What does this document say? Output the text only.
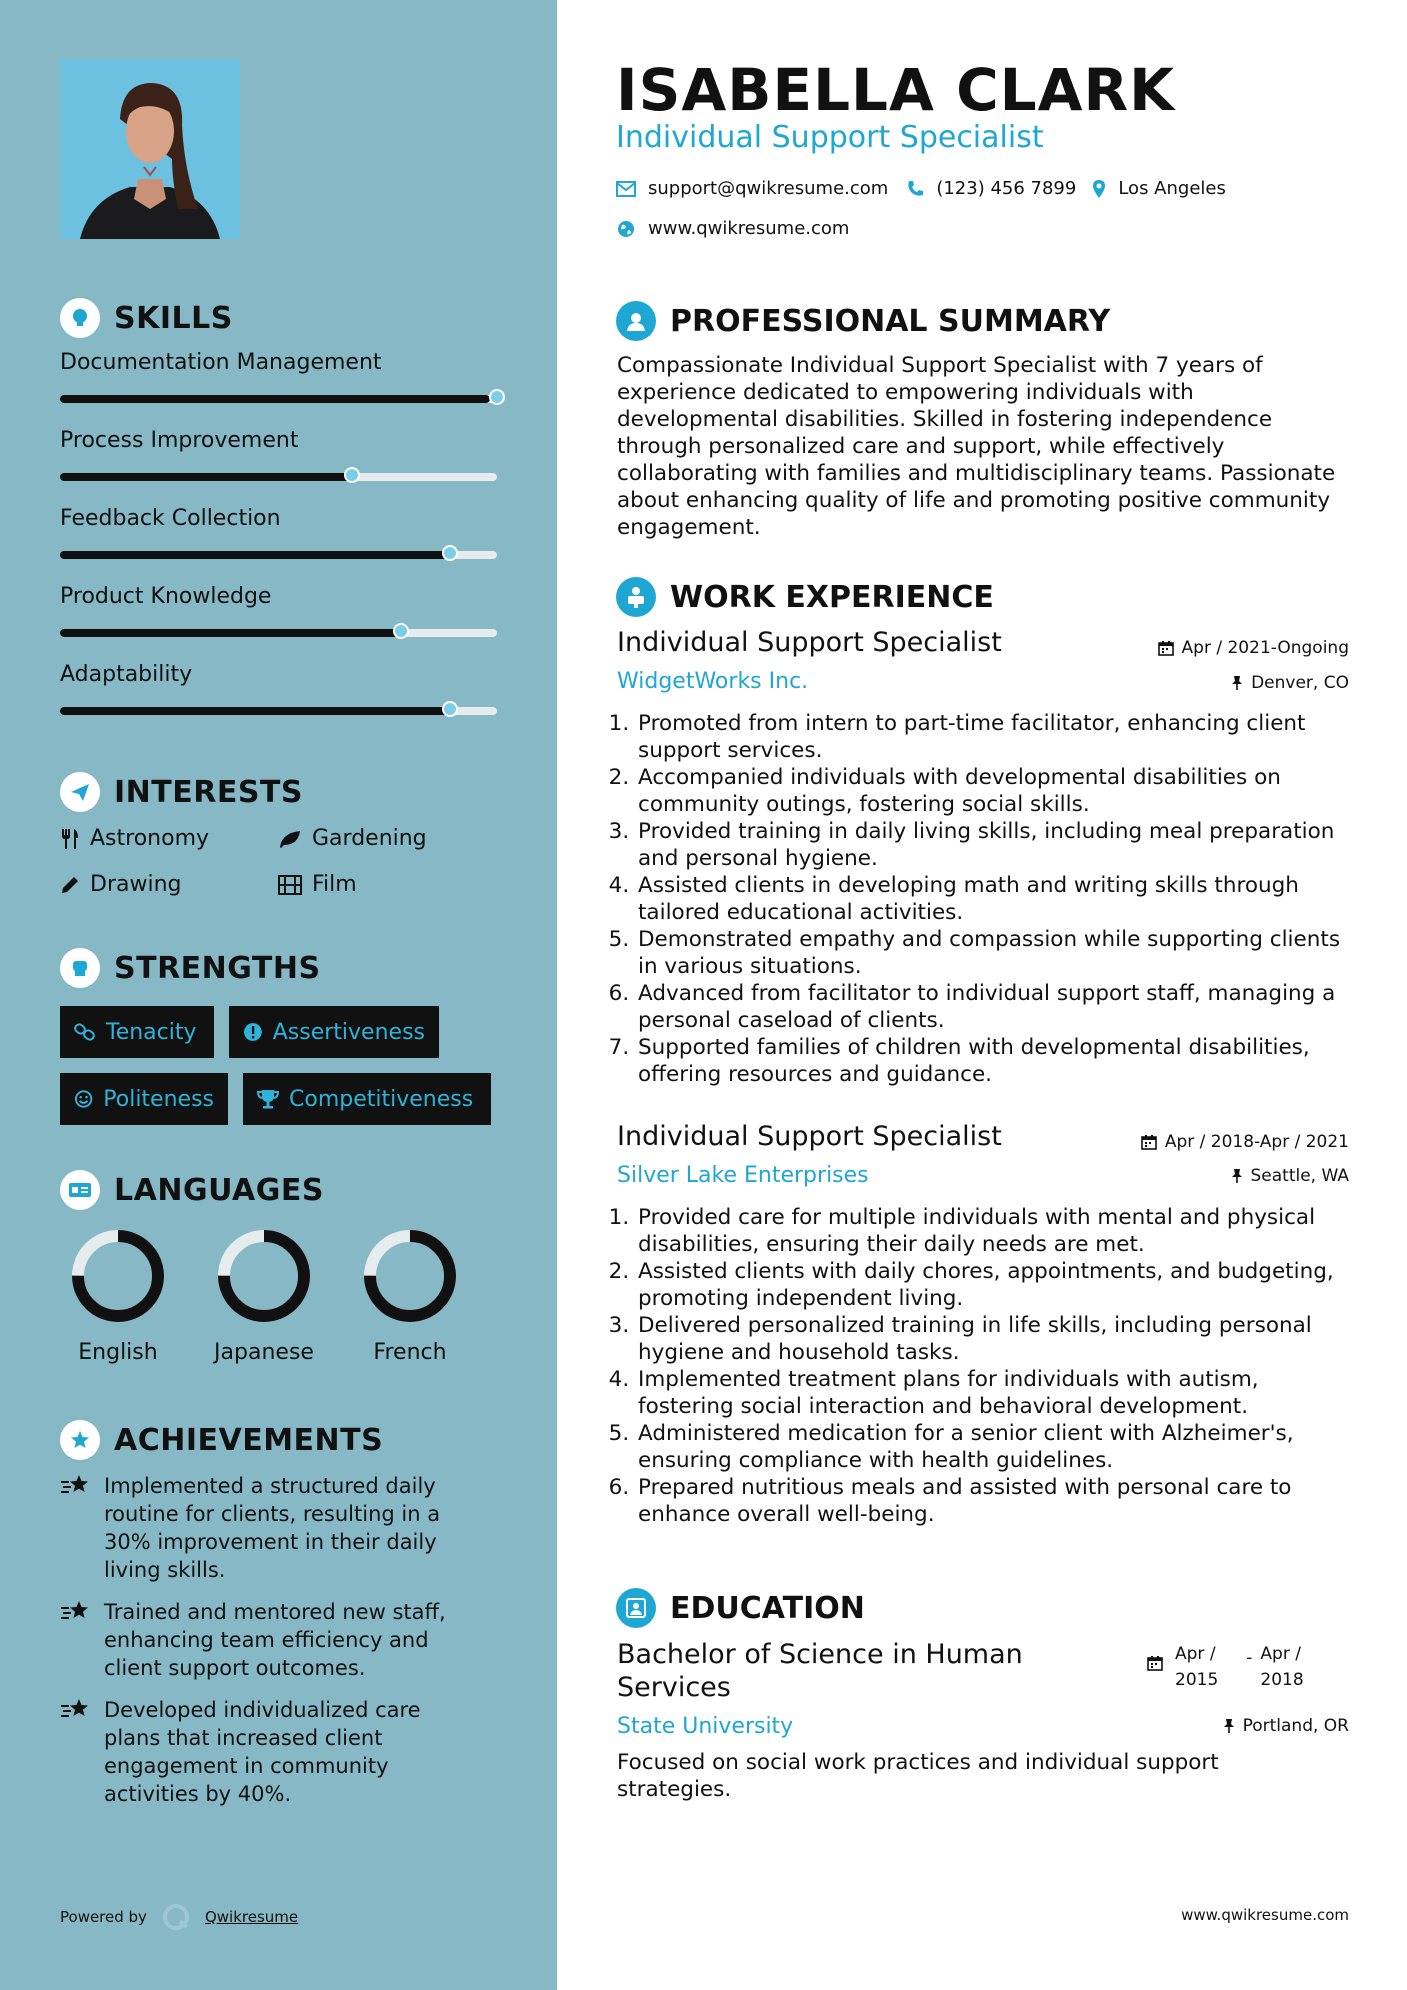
SKILLS
Documentation Management
Process Improvement
Feedback Collection
Product Knowledge
Adaptability
INTERESTS
Astronomy	Gardening
Drawing	Film
STRENGTHS
Tenacity	Assertiveness
Politeness	Competitiveness
LANGUAGES
English	Japanese	French
ACHIEVEMENTS
Implemented a structured daily routine for clients, resulting in a 30% improvement in their daily living skills.
Trained and mentored new staff, enhancing team efficiency and client support outcomes.
Developed individualized care plans that increased client engagement in community activities by 40%.
Powered by	Qwikresume
ISABELLA CLARK
Individual Support Specialist
support@qwikresume.com	(123) 456 7899 Los Angeles
www.qwikresume.com
PROFESSIONAL SUMMARY
Compassionate Individual Support Specialist with 7 years of experience dedicated to empowering individuals with developmental disabilities. Skilled in fostering independence through personalized care and support, while effectively collaborating with families and multidisciplinary teams. Passionate about enhancing quality of life and promoting positive community engagement.
WORK EXPERIENCE
Individual Support Specialist	Apr / 2021-Ongoing
WidgetWorks Inc.	Denver, CO
1. Promoted from intern to part-time facilitator, enhancing client support services.
2. Accompanied individuals with developmental disabilities on community outings, fostering social skills.
3. Provided training in daily living skills, including meal preparation and personal hygiene.
4. Assisted clients in developing math and writing skills through tailored educational activities.
5. Demonstrated empathy and compassion while supporting clients in various situations.
6. Advanced from facilitator to individual support staff, managing a personal caseload of clients.
7. Supported families of children with developmental disabilities, offering resources and guidance.
Individual Support Specialist	Apr / 2018-Apr / 2021
Silver Lake Enterprises	Seattle, WA
1. Provided care for multiple individuals with mental and physical disabilities, ensuring their daily needs are met.
2. Assisted clients with daily chores, appointments, and budgeting, promoting independent living.
3. Delivered personalized training in life skills, including personal hygiene and household tasks.
4. Implemented treatment plans for individuals with autism, fostering social interaction and behavioral development.
5. Administered medication for a senior client with Alzheimer's, ensuring compliance with health guidelines.
6. Prepared nutritious meals and assisted with personal care to enhance overall well-being.
EDUCATION
Bachelor of Science in Human
Services
Apr /
2015
- Apr /
2018
State University	Portland, OR
Focused on social work practices and individual support strategies.
www.qwikresume.com
